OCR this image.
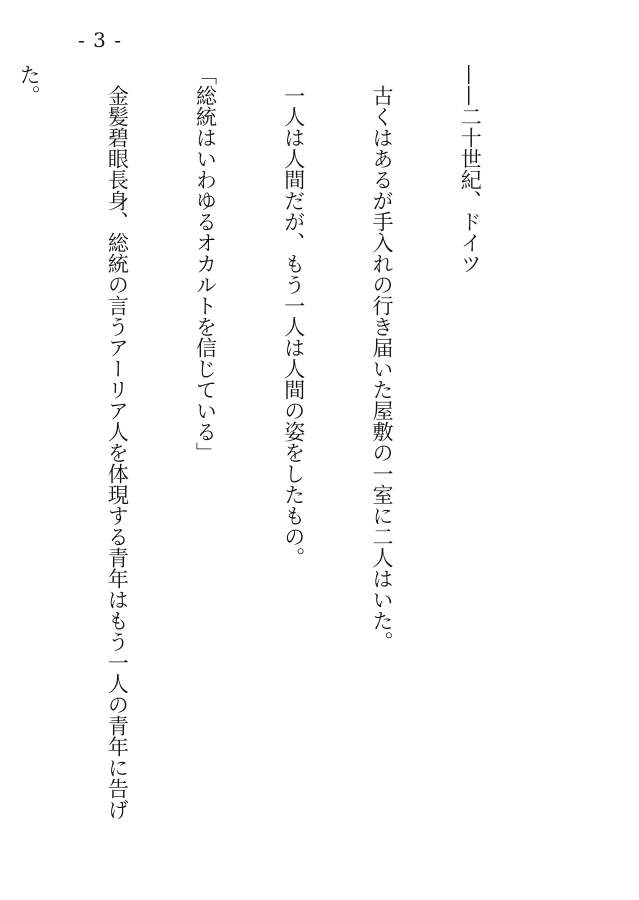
- 3 -

——二十世紀、ドイツ

　古くはあるが手入れの行き届いた屋敷の一室に二人はいた。

　一人は人間だが、もう一人は人間の姿をしたもの。

「総統はいわゆるオカルトを信じている」

　金髪碧眼長身、総統の言うアーリア人を体現する青年はもう一人の青年に告げ

た。
